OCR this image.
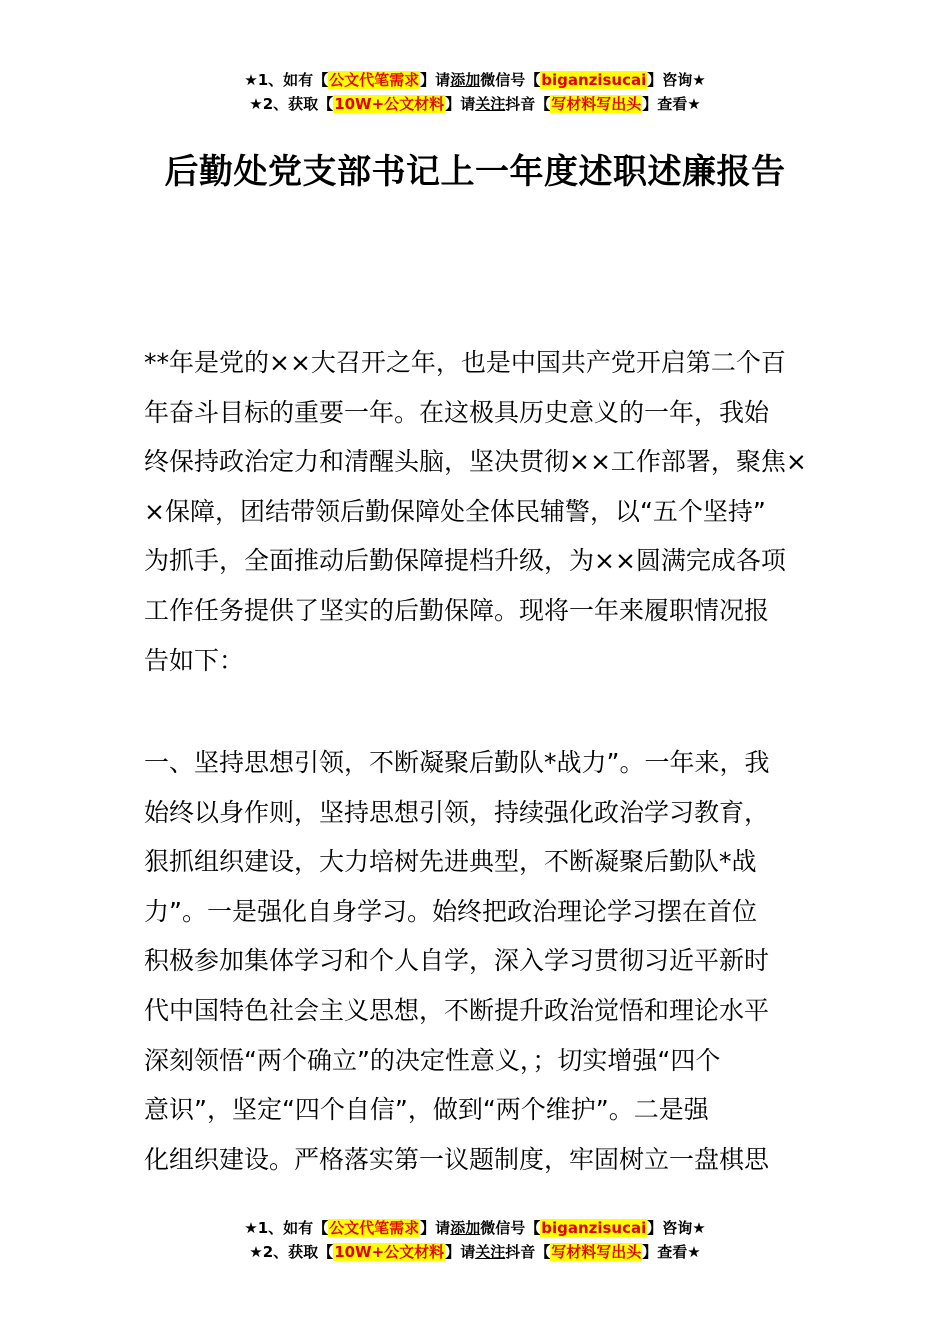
★1、如有【公文代笔需求】请添加微信号【biganzisucai】咨询★
★2、获取【10W+公文材料】请关注抖音【写材料写出头】查看★
后勤处党支部书记上一年度述职述廉报告
**年是党的××大召开之年，也是中国共产党开启第二个百
年奋斗目标的重要一年。在这极具历史意义的一年，我始
终保持政治定力和清醒头脑，坚决贯彻××工作部署，聚焦×
×保障，团结带领后勤保障处全体民辅警，以“五个坚持”
为抓手，全面推动后勤保障提档升级，为××圆满完成各项
工作任务提供了坚实的后勤保障。现将一年来履职情况报
告如下：
一、坚持思想引领，不断凝聚后勤队*战力”。一年来，我
始终以身作则，坚持思想引领，持续强化政治学习教育，
狠抓组织建设，大力培树先进典型，不断凝聚后勤队*战
力”。一是强化自身学习。始终把政治理论学习摆在首位
积极参加集体学习和个人自学，深入学习贯彻习近平新时
代中国特色社会主义思想，不断提升政治觉悟和理论水平
深刻领悟“两个确立”的决定性意义，；切实增强“四个
意识”，坚定“四个自信”，做到“两个维护”。二是强
化组织建设。严格落实第一议题制度，牢固树立一盘棋思
★1、如有【公文代笔需求】请添加微信号【biganzisucai】咨询★
★2、获取【10W+公文材料】请关注抖音【写材料写出头】查看★
